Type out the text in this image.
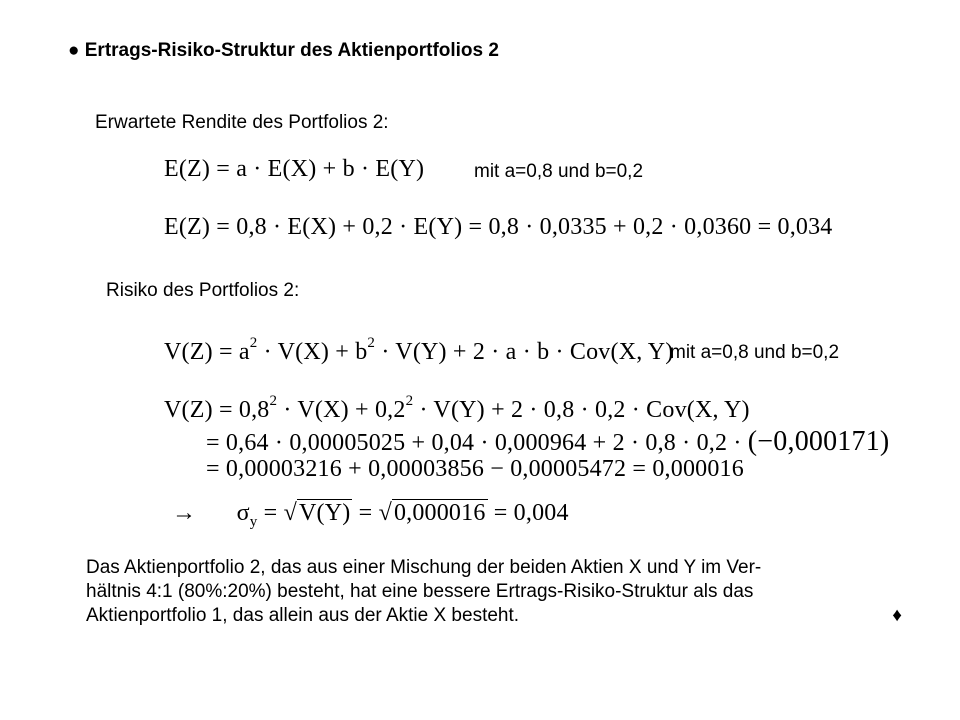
● Ertrags-Risiko-Struktur des Aktienportfolios 2
Erwartete Rendite des Portfolios 2:
E(Z) = a · E(X) + b · E(Y)	mit a=0,8 und b=0,2
E(Z) = 0,8 · E(X) + 0,2 · E(Y) = 0,8 · 0,0335 + 0,2 · 0,0360 = 0,034
Risiko des Portfolios 2:
$V(Z) = a^2 \cdot V(X) + b^2 \cdot V(Y) + 2 \cdot a \cdot b \cdot Cov(X$, Y)
mit a=0,8 und b=0,2
$V(Z) = 0,8^2 \cdot V(X) + 0,2^2 \cdot V(Y) + 2 \cdot 0,8 \cdot 0,2 \cdot Cov(X$, Y)
= 0,64 · 0,00005025 + 0,04 · 0,000964 + 2 · 0,8 · 0,2 · (−0,000171)
= 0,00003216 + 0,00003856 − 0,00005472 = 0,000016
→ $\sigma_y = √V(Y) = √0,000016 = 0,004$

Das Aktienportfolio 2, das aus einer Mischung der beiden Aktien X und Y im Ver-

hältnis 4:1 (80%:20%) besteht, hat eine bessere Ertrags-Risiko-Struktur als das

Aktienportfolio 1, das allein aus der Aktie X besteht.	♦
